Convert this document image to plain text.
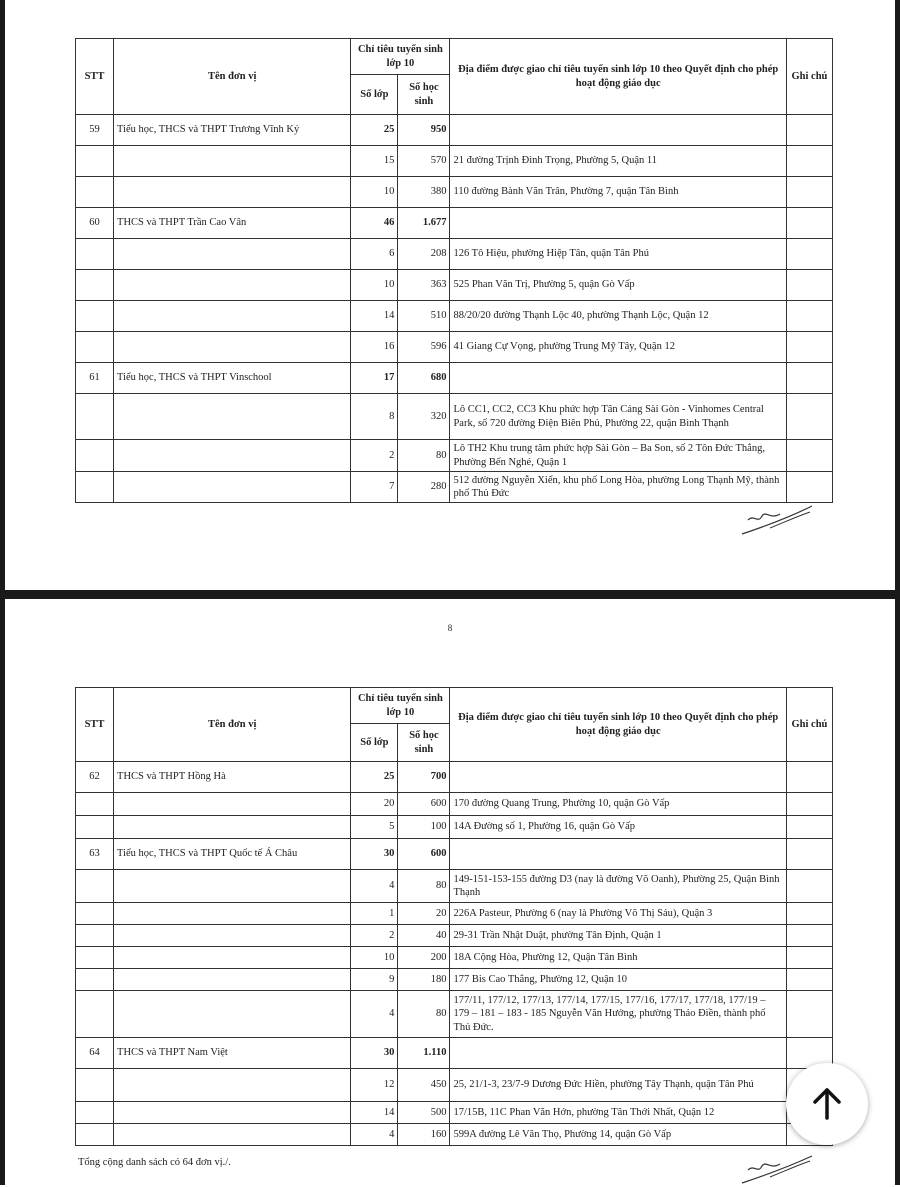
STT	Tên đơn vị	Chỉ tiêu tuyển sinh lớp 10		Địa điểm được giao chỉ tiêu tuyển sinh lớp 10 theo Quyết định cho phép hoạt động giáo dục	Ghi chú
		Số lớp	Số học sinh		
59	Tiểu học, THCS và THPT Trương Vĩnh Ký	25	950		
		15	570	21 đường Trịnh Đình Trọng, Phường 5, Quận 11	
		10	380	110 đường Bành Văn Trân, Phường 7, quận Tân Bình	
60	THCS và THPT Trần Cao Vân	46	1.677		
		6	208	126 Tô Hiệu, phường Hiệp Tân, quận Tân Phú	
		10	363	525 Phan Văn Trị, Phường 5, quận Gò Vấp	
		14	510	88/20/20 đường Thạnh Lộc 40, phường Thạnh Lộc, Quận 12	
		16	596	41 Giang Cự Vọng, phường Trung Mỹ Tây, Quận 12	
61	Tiểu học, THCS và THPT Vinschool	17	680		
		8	320	Lô CC1, CC2, CC3 Khu phức hợp Tân Cảng Sài Gòn - Vinhomes Central Park, số 720 đường Điện Biên Phủ, Phường 22, quận Bình Thạnh	
		2	80	Lô TH2 Khu trung tâm phức hợp Sài Gòn – Ba Son, số 2 Tôn Đức Thắng, Phường Bến Nghé, Quận 1	
		7	280	512 đường Nguyễn Xiển, khu phố Long Hòa, phường Long Thạnh Mỹ, thành phố Thủ Đức	
8
STT	Tên đơn vị	Chỉ tiêu tuyển sinh lớp 10		Địa điểm được giao chỉ tiêu tuyển sinh lớp 10 theo Quyết định cho phép hoạt động giáo dục	Ghi chú
		Số lớp	Số học sinh		
62	THCS và THPT Hồng Hà	25	700		
		20	600	170 đường Quang Trung, Phường 10, quận Gò Vấp	
		5	100	14A Đường số 1, Phường 16, quận Gò Vấp	
63	Tiểu học, THCS và THPT Quốc tế Á Châu	30	600		
		4	80	149-151-153-155 đường D3 (nay là đường Võ Oanh), Phường 25, Quận Bình Thạnh	
		1	20	226A Pasteur, Phường 6 (nay là Phường Võ Thị Sáu), Quận 3	
		2	40	29-31 Trần Nhật Duật, phường Tân Định, Quận 1	
		10	200	18A Cộng Hòa, Phường 12, Quận Tân Bình	
		9	180	177 Bis Cao Thắng, Phường 12, Quận 10	
		4	80	177/11, 177/12, 177/13, 177/14, 177/15, 177/16, 177/17, 177/18, 177/19 – 179 – 181 – 183 - 185 Nguyễn Văn Hưởng, phường Thảo Điền, thành phố Thủ Đức.	
64	THCS và THPT Nam Việt	30	1.110		
		12	450	25, 21/1-3, 23/7-9 Dương Đức Hiền, phường Tây Thạnh, quận Tân Phú	
		14	500	17/15B, 11C Phan Văn Hớn, phường Tân Thới Nhất, Quận 12	
		4	160	599A đường Lê Văn Thọ, Phường 14, quận Gò Vấp	
Tổng cộng danh sách có 64 đơn vị./.
